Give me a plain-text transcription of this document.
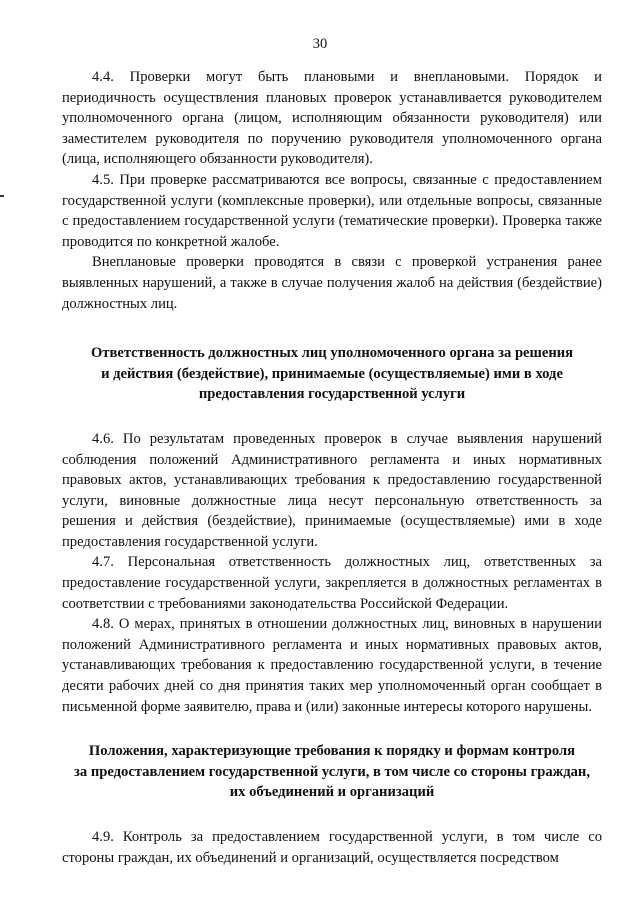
30

4.4. Проверки могут быть плановыми и внеплановыми. Порядок и периодичность осуществления плановых проверок устанавливается руководителем уполномоченного органа (лицом, исполняющим обязанности руководителя) или заместителем руководителя по поручению руководителя уполномоченного органа (лица, исполняющего обязанности руководителя).

4.5. При проверке рассматриваются все вопросы, связанные с предоставлением государственной услуги (комплексные проверки), или отдельные вопросы, связанные с предоставлением государственной услуги (тематические проверки). Проверка также проводится по конкретной жалобе.

Внеплановые проверки проводятся в связи с проверкой устранения ранее выявленных нарушений, а также в случае получения жалоб на действия (бездействие) должностных лиц.

Ответственность должностных лиц уполномоченного органа за решения
и действия (бездействие), принимаемые (осуществляемые) ими в ходе
предоставления государственной услуги

4.6. По результатам проведенных проверок в случае выявления нарушений соблюдения положений Административного регламента и иных нормативных правовых актов, устанавливающих требования к предоставлению государственной услуги, виновные должностные лица несут персональную ответственность за решения и действия (бездействие), принимаемые (осуществляемые) ими в ходе предоставления государственной услуги.

4.7. Персональная ответственность должностных лиц, ответственных за предоставление государственной услуги, закрепляется в должностных регламентах в соответствии с требованиями законодательства Российской Федерации.

4.8. О мерах, принятых в отношении должностных лиц, виновных в нарушении положений Административного регламента и иных нормативных правовых актов, устанавливающих требования к предоставлению государственной услуги, в течение десяти рабочих дней со дня принятия таких мер уполномоченный орган сообщает в письменной форме заявителю, права и (или) законные интересы которого нарушены.

Положения, характеризующие требования к порядку и формам контроля
за предоставлением государственной услуги, в том числе со стороны граждан,
их объединений и организаций

4.9. Контроль за предоставлением государственной услуги, в том числе со стороны граждан, их объединений и организаций, осуществляется посредством
